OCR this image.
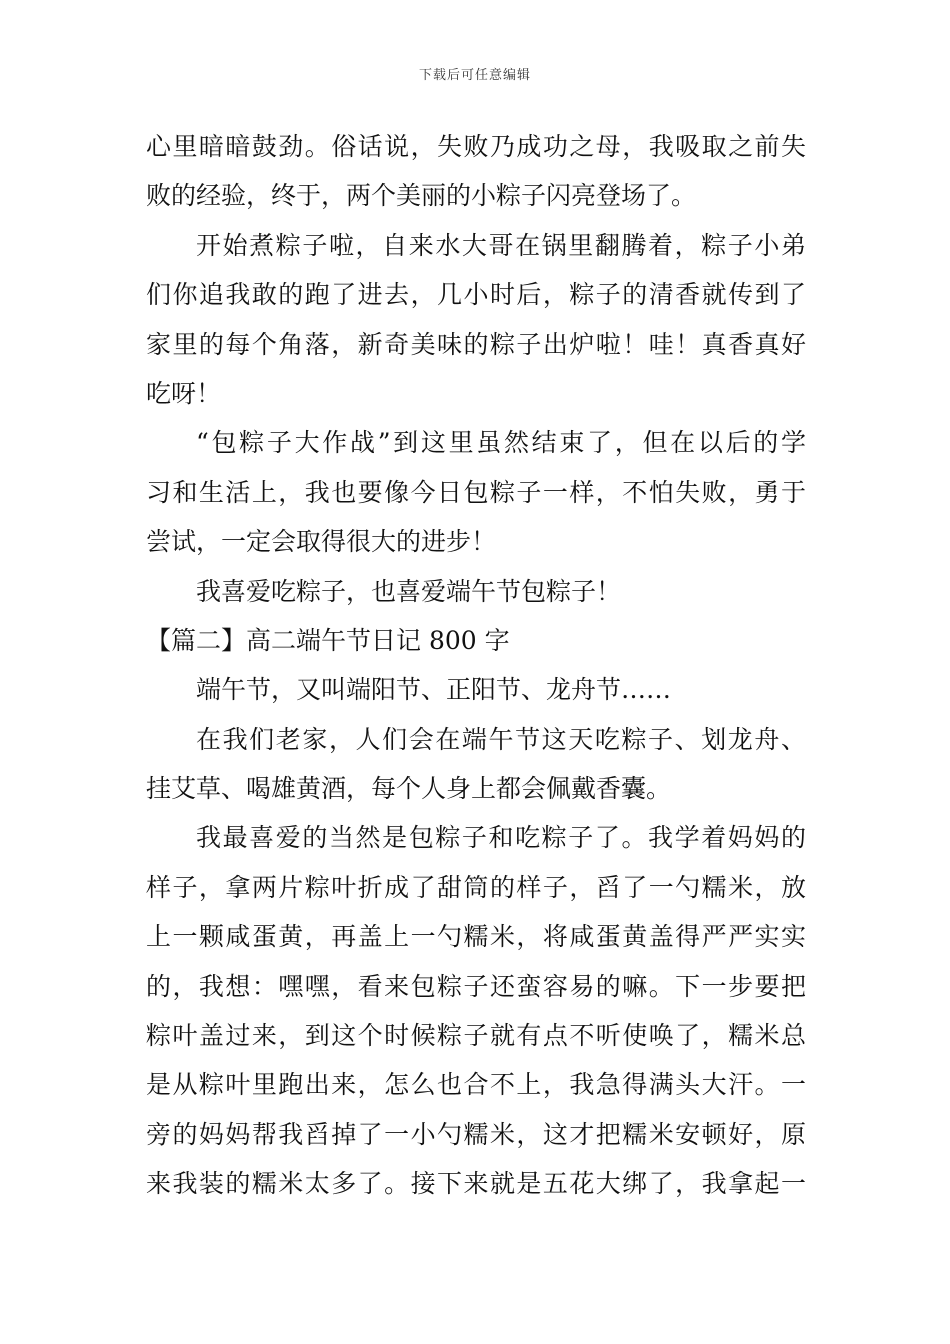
下载后可任意编辑
心里暗暗鼓劲。俗话说，失败乃成功之母，我吸取之前失
败的经验，终于，两个美丽的小粽子闪亮登场了。
开始煮粽子啦，自来水大哥在锅里翻腾着，粽子小弟
们你追我敢的跑了进去，几小时后，粽子的清香就传到了
家里的每个角落，新奇美味的粽子出炉啦！哇！真香真好
吃呀！
“包粽子大作战”到这里虽然结束了，但在以后的学
习和生活上，我也要像今日包粽子一样，不怕失败，勇于
尝试，一定会取得很大的进步！
我喜爱吃粽子，也喜爱端午节包粽子！
【篇二】高二端午节日记 800 字
端午节，又叫端阳节、正阳节、龙舟节……
在我们老家，人们会在端午节这天吃粽子、划龙舟、
挂艾草、喝雄黄酒，每个人身上都会佩戴香囊。
我最喜爱的当然是包粽子和吃粽子了。我学着妈妈的
样子，拿两片粽叶折成了甜筒的样子，舀了一勺糯米，放
上一颗咸蛋黄，再盖上一勺糯米，将咸蛋黄盖得严严实实
的，我想：嘿嘿，看来包粽子还蛮容易的嘛。下一步要把
粽叶盖过来，到这个时候粽子就有点不听使唤了，糯米总
是从粽叶里跑出来，怎么也合不上，我急得满头大汗。一
旁的妈妈帮我舀掉了一小勺糯米，这才把糯米安顿好，原
来我装的糯米太多了。接下来就是五花大绑了，我拿起一
